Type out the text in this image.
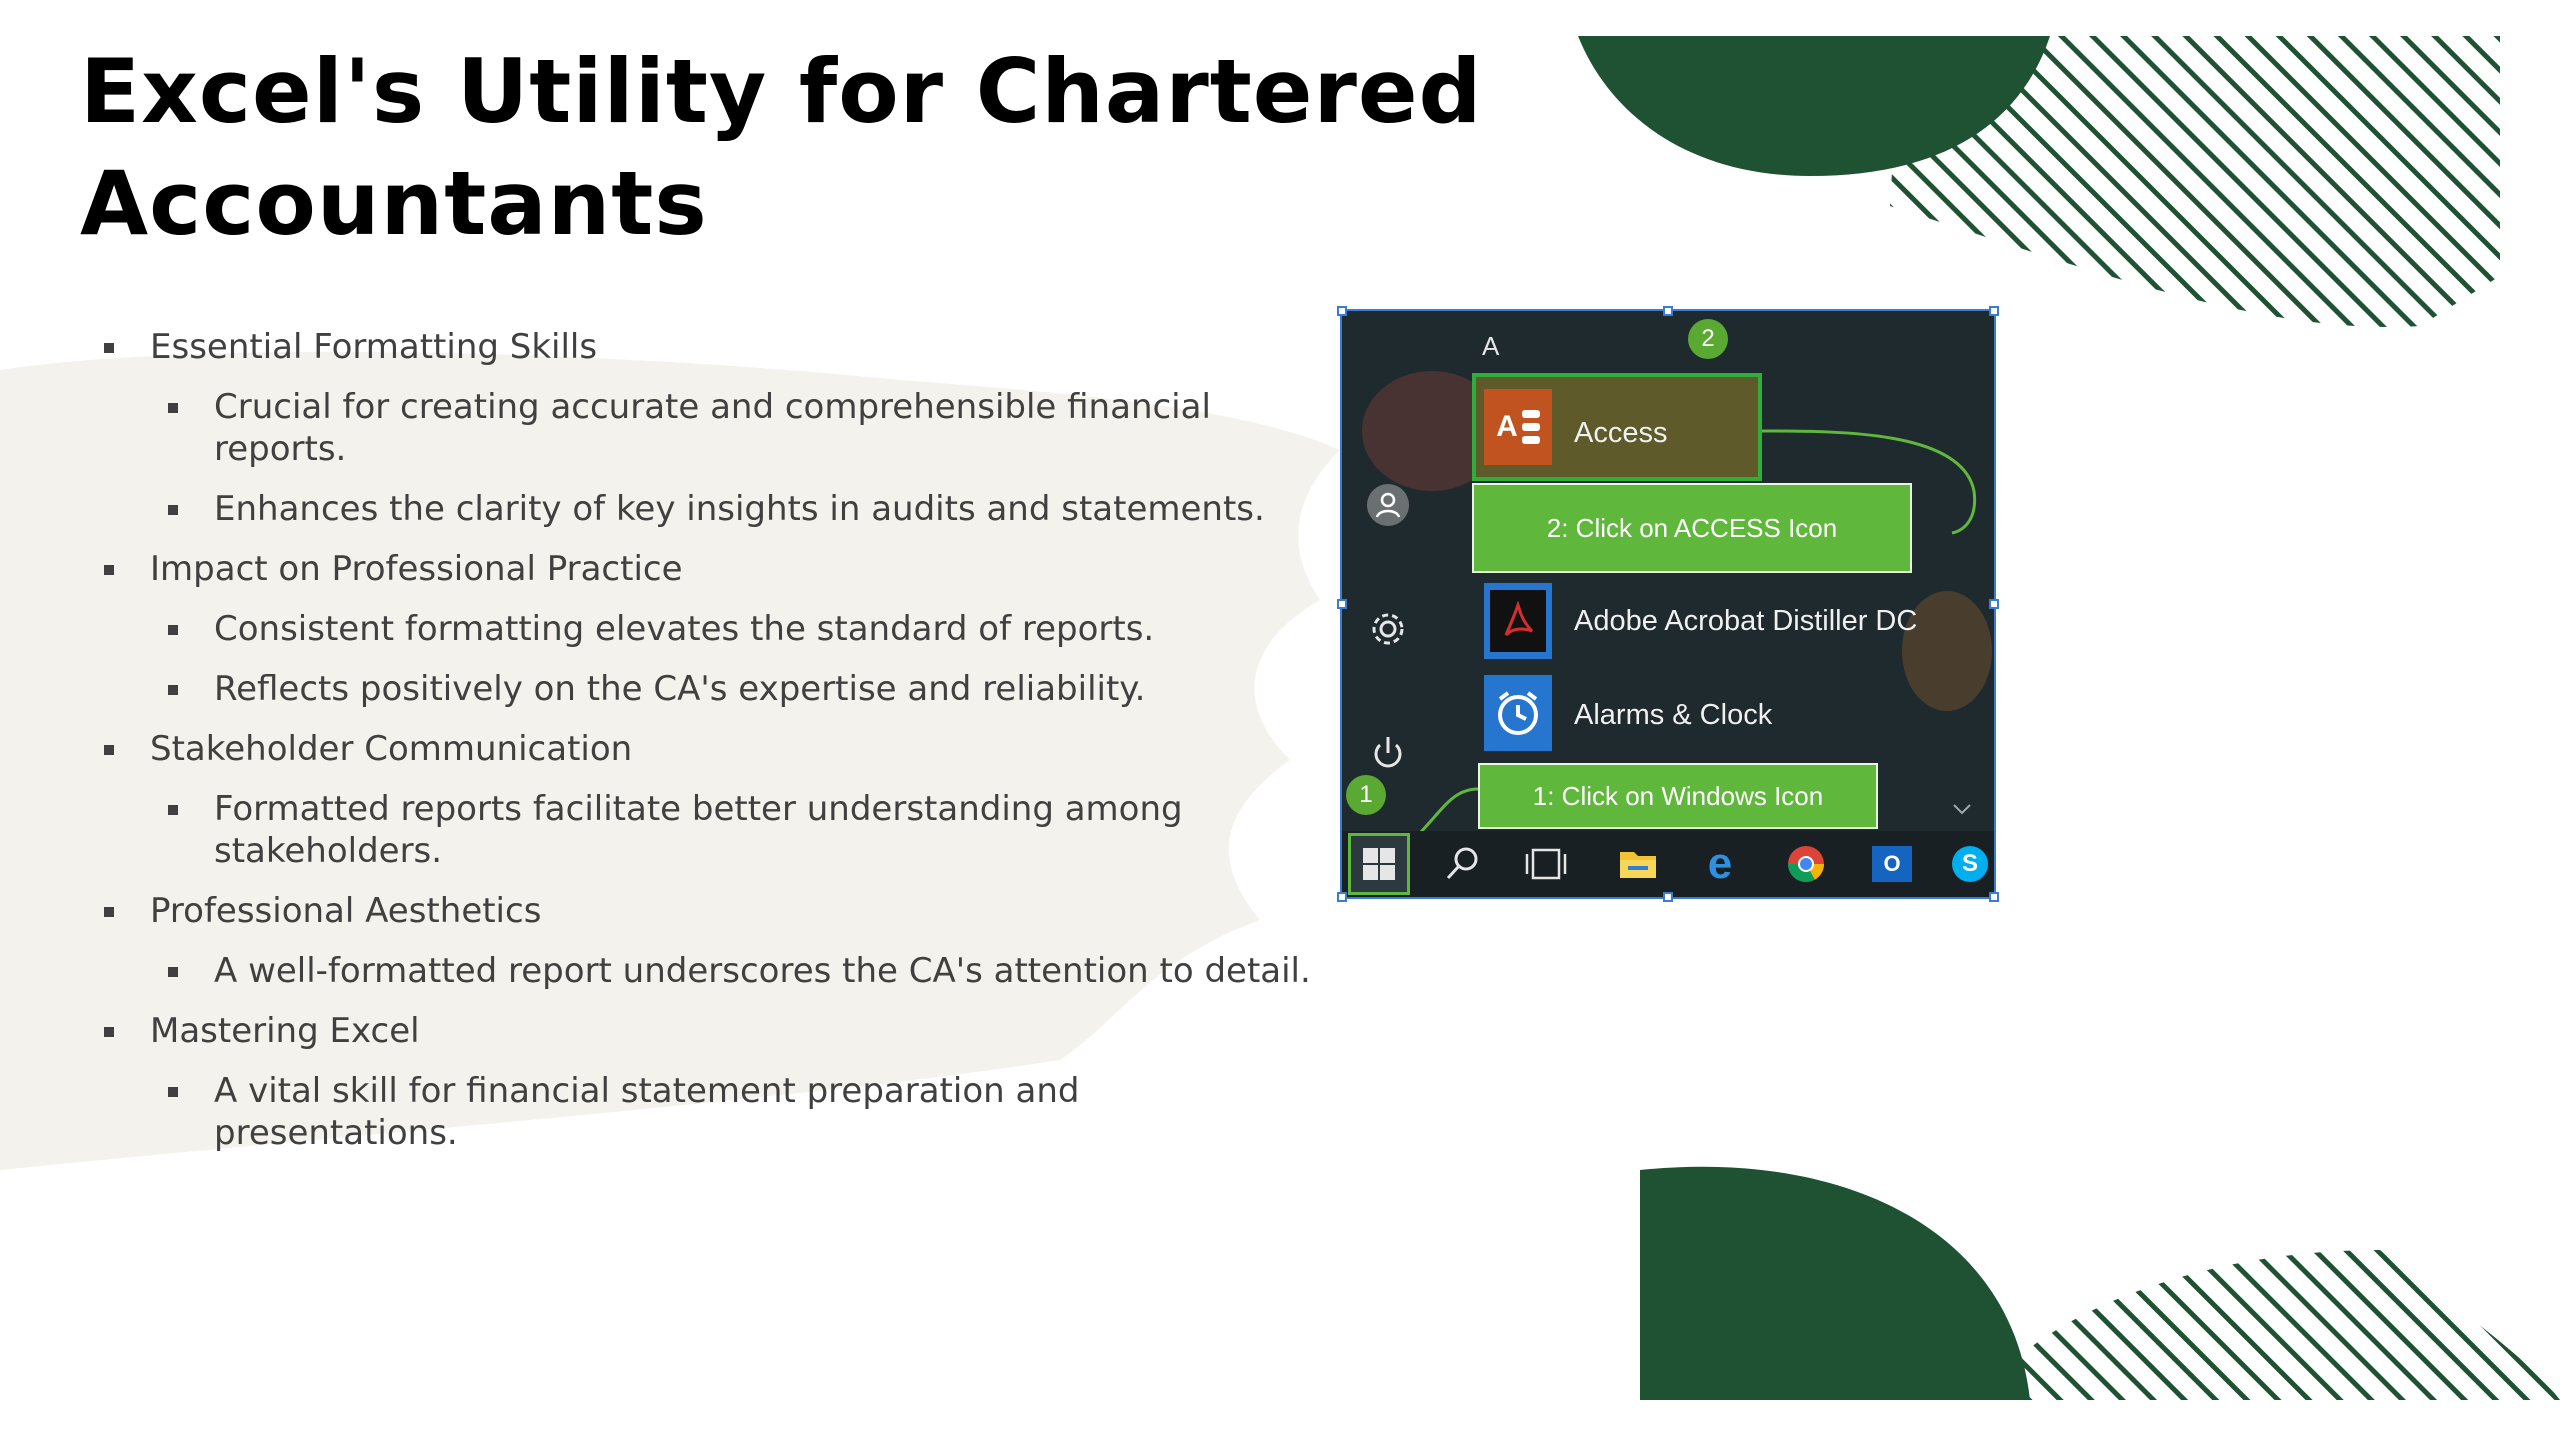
Excel's Utility for Chartered Accountants
Essential Formatting Skills
Crucial for creating accurate and comprehensible financial reports.
Enhances the clarity of key insights in audits and statements.
Impact on Professional Practice
Consistent formatting elevates the standard of reports.
Reflects positively on the CA's expertise and reliability.
Stakeholder Communication
Formatted reports facilitate better understanding among stakeholders.
Professional Aesthetics
A well-formatted report underscores the CA's attention to detail.
Mastering Excel
A vital skill for financial statement preparation and presentations.
A	2
A Access
2: Click on ACCESS Icon
Adobe Acrobat Distiller DC
Alarms & Clock
1	1: Click on Windows Icon
e	O	S
